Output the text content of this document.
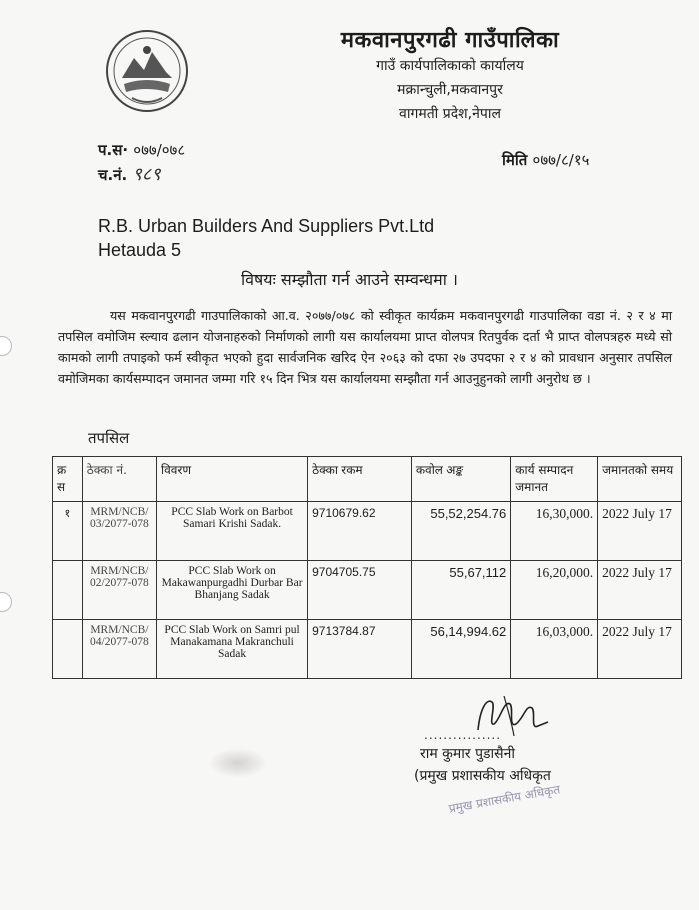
मकवानपुरगढी गाउँपालिका
गाउँ कार्यपालिकाको कार्यालय
मक्रान्चुली,मकवानपुर
वागमती प्रदेश,नेपाल
प.स· ०७७/०७८
च.नं. ९८९
मिति ०७७/८/१५
R.B. Urban Builders And Suppliers Pvt.Ltd
Hetauda 5
विषयः सम्झौता गर्न आउने सम्वन्धमा ।
यस मकवानपुरगढी गाउपालिकाको आ.व. २०७७/०७८ को स्वीकृत कार्यक्रम मकवानपुरगढी गाउपालिका वडा नं. २ र ४ मा तपसिल वमोजिम स्ल्याव ढलान योजनाहरुको निर्माणको लागी यस कार्यालयमा प्राप्त वोलपत्र रितपुर्वक दर्ता भै प्राप्त वोलपत्रहरु मध्ये सो कामको लागी तपाइको फर्म स्वीकृत भएको हुदा सार्वजनिक खरिद ऐन २०६३ को दफा २७ उपदफा २ र ४ को प्रावधान अनुसार तपसिल वमोजिमका कार्यसम्पादन जमानत जम्मा गरि १५ दिन भित्र यस कार्यालयमा सम्झौता गर्न आउनुहुनको लागी अनुरोध छ ।
तपसिल
क्र स	ठेक्का नं.	विवरण	ठेक्का रकम	कवोल अङ्क	कार्य सम्पादन जमानत	जमानतको समय
१	MRM/NCB/ 03/2077-078	PCC Slab Work on Barbot Samari Krishi Sadak.	9710679.62	55,52,254.76	16,30,000.	2022 July 17
	MRM/NCB/ 02/2077-078	PCC Slab Work on Makawanpurgadhi Durbar Bar Bhanjang Sadak	9704705.75	55,67,112	16,20,000.	2022 July 17
	MRM/NCB/ 04/2077-078	PCC Slab Work on Samri pul Manakamana Makranchuli Sadak	9713784.87	56,14,994.62	16,03,000.	2022 July 17
................
राम कुमार पुडासैनी
(प्रमुख प्रशासकीय अधिकृत
प्रमुख प्रशासकीय अधिकृत
